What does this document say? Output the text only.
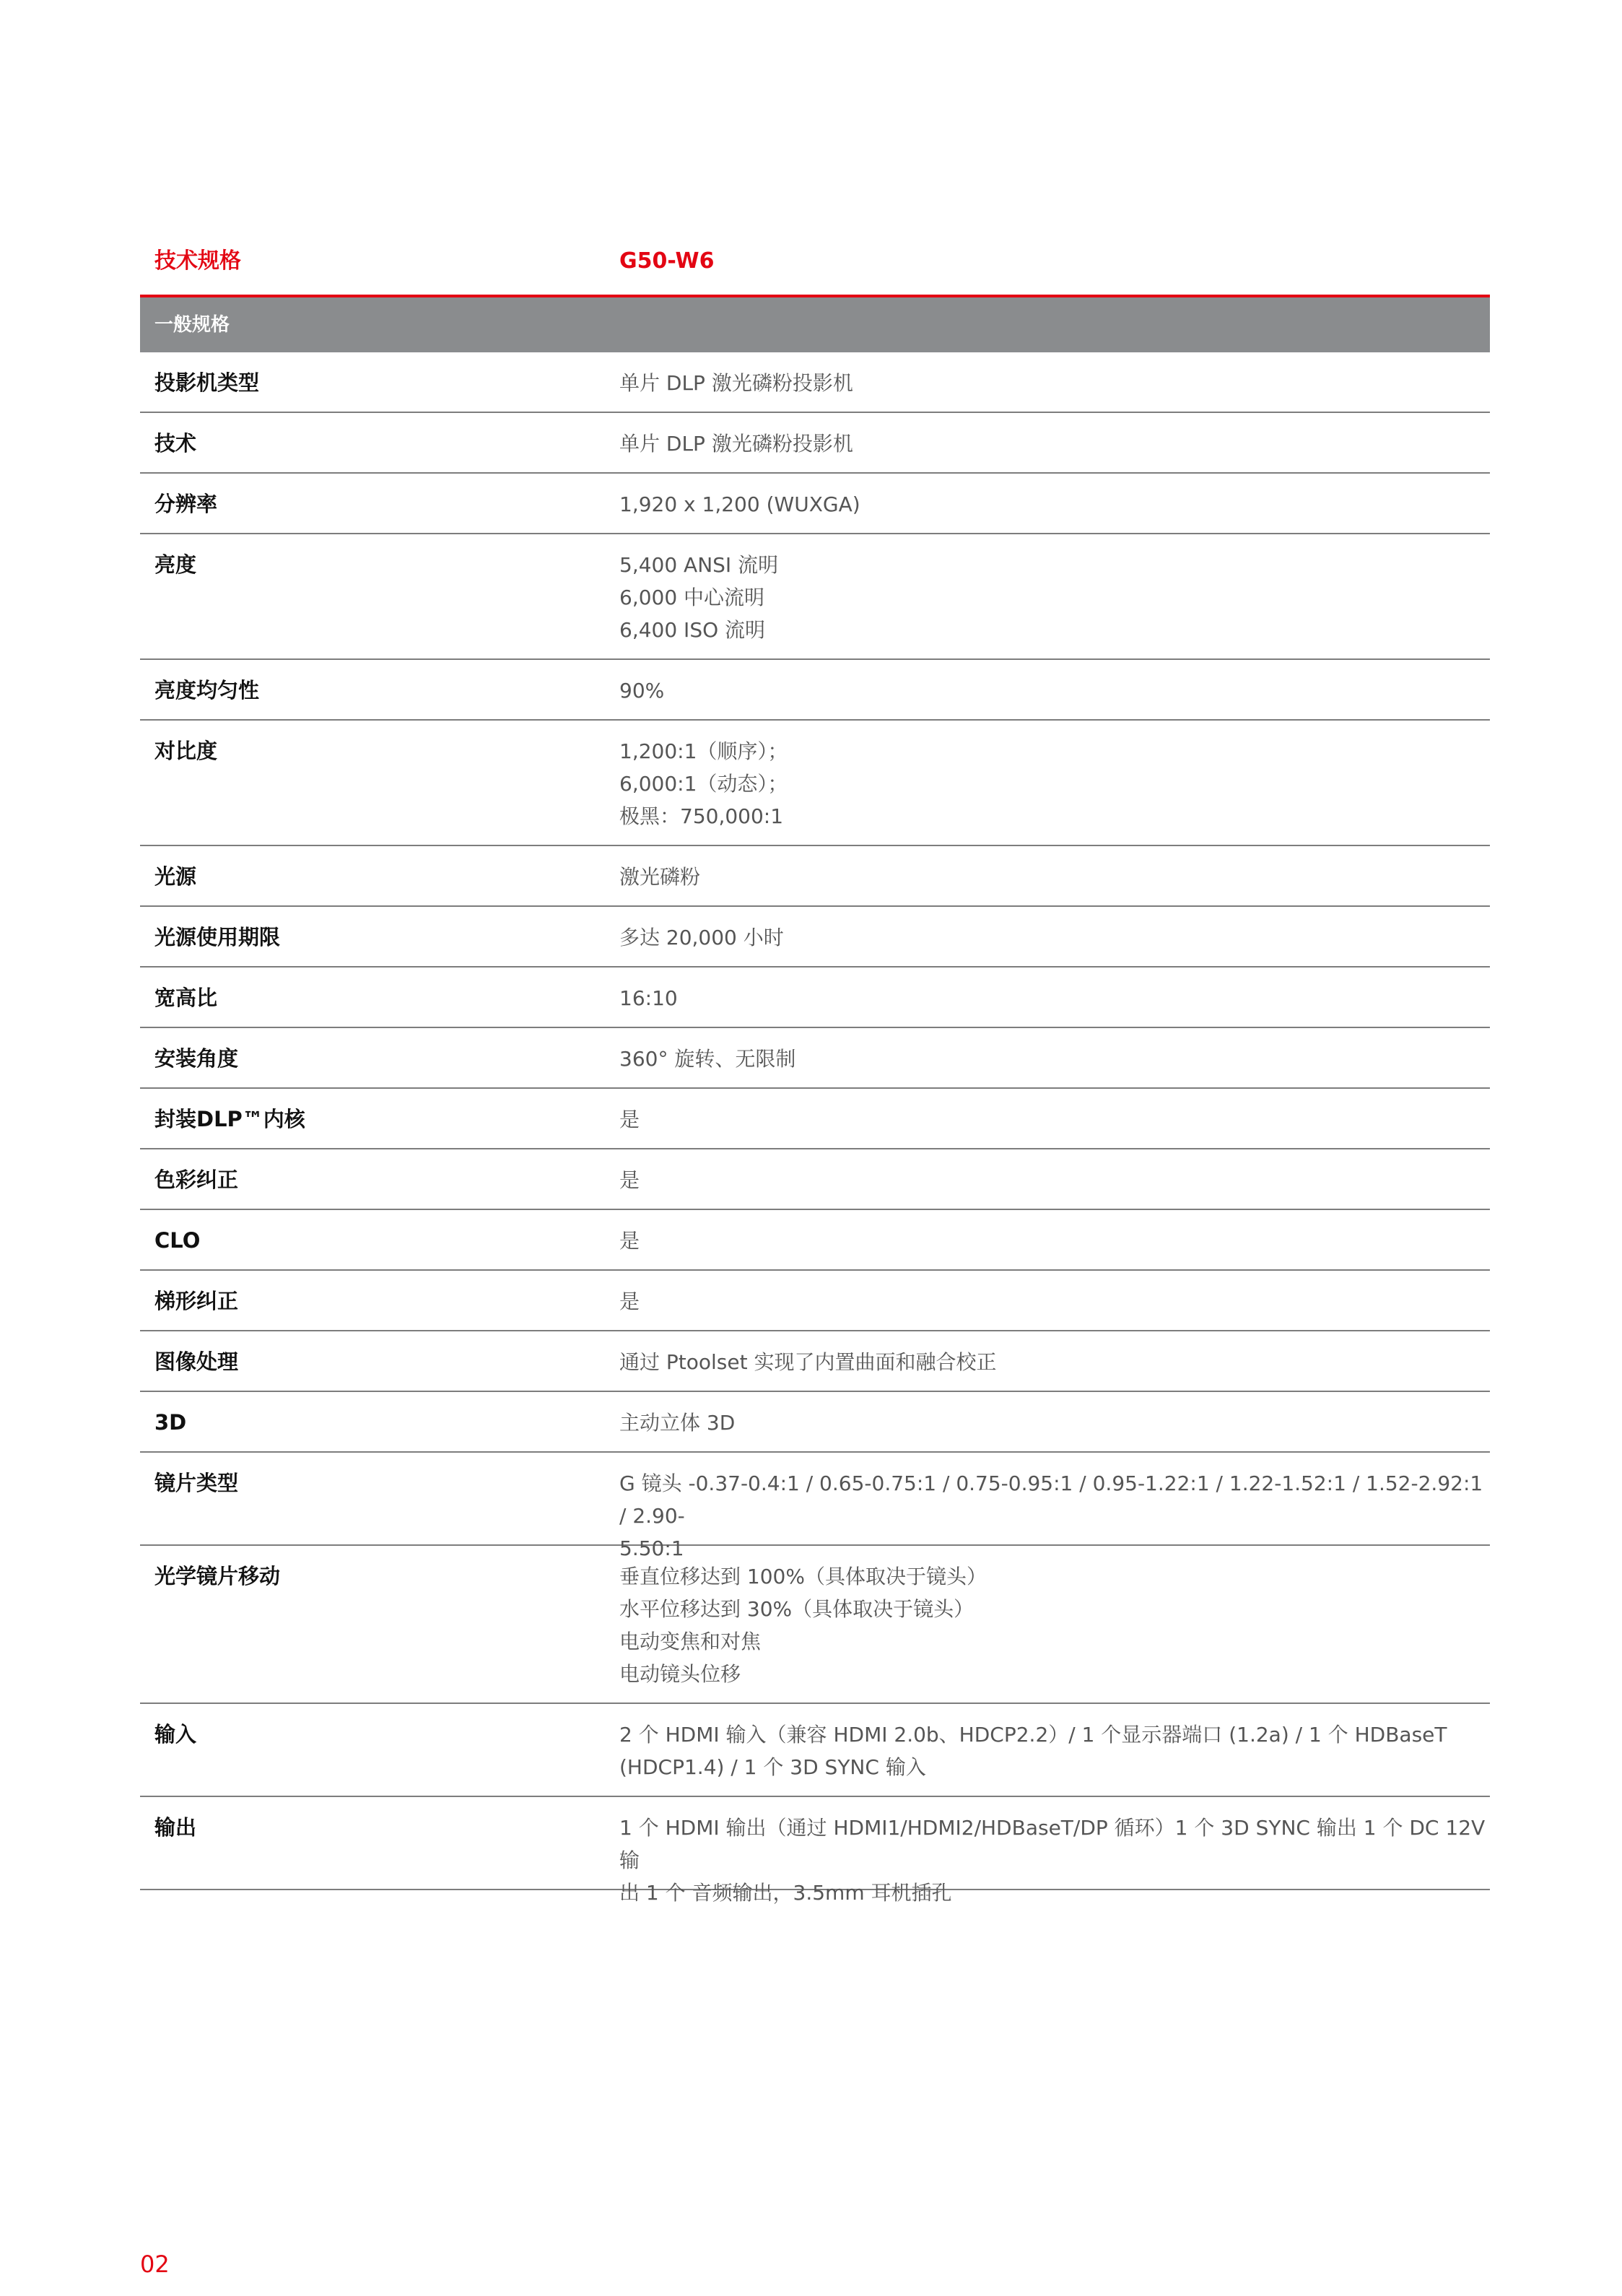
技术规格	G50-W6
一般规格
投影机类型	单片 DLP 激光磷粉投影机
技术	单片 DLP 激光磷粉投影机
分辨率	1,920 x 1,200 (WUXGA)
亮度	5,400 ANSI 流明
6,000 中心流明
6,400 ISO 流明
亮度均匀性	90%
对比度	1,200:1（顺序）；
6,000:1（动态）；
极黑：750,000:1
光源	激光磷粉
光源使用期限	多达 20,000 小时
宽高比	16:10
安装角度	360° 旋转、无限制
封装DLP™内核	是
色彩纠正	是
CLO	是
梯形纠正	是
图像处理	通过 Ptoolset 实现了内置曲面和融合校正
3D	主动立体 3D
镜片类型	G 镜头 -0.37-0.4:1 / 0.65-0.75:1 / 0.75-0.95:1 / 0.95-1.22:1 / 1.22-1.52:1 / 1.52-2.92:1 / 2.90-
5.50:1
光学镜片移动	垂直位移达到 100%（具体取决于镜头）
水平位移达到 30%（具体取决于镜头）
电动变焦和对焦
电动镜头位移
输入	2 个 HDMI 输入（兼容 HDMI 2.0b、HDCP2.2）/ 1 个显示器端口 (1.2a) / 1 个 HDBaseT
(HDCP1.4) / 1 个 3D SYNC 输入
输出	1 个 HDMI 输出（通过 HDMI1/HDMI2/HDBaseT/DP 循环）1 个 3D SYNC 输出 1 个 DC 12V 输
出 1 个 音频输出，3.5mm 耳机插孔
02
